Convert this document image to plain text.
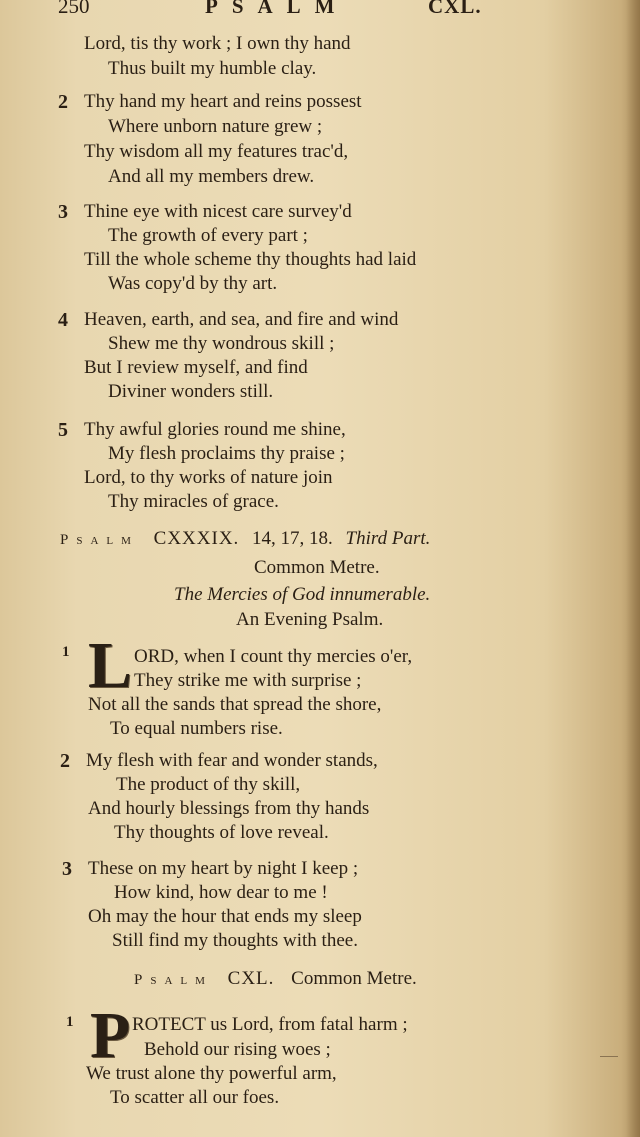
250	PSALM	CXL.
Lord, tis thy work ; I own thy hand
Thus built my humble clay.
2 Thy hand my heart and reins possest
Where unborn nature grew ;
Thy wisdom all my features trac'd,
And all my members drew.
3 Thine eye with nicest care survey'd
The growth of every part ;
Till the whole scheme thy thoughts had laid
Was copy'd by thy art.
4 Heaven, earth, and sea, and fire and wind
Shew me thy wondrous skill ;
But I review myself, and find
Diviner wonders still.
5 Thy awful glories round me shine,
My flesh proclaims thy praise ;
Lord, to thy works of nature join
Thy miracles of grace.
Psalm CXXXIX. 14, 17, 18. Third Part.
Common Metre.
The Mercies of God innumerable.
An Evening Psalm.
1 L ORD, when I count thy mercies o'er,
They strike me with surprise ;
Not all the sands that spread the shore,
To equal numbers rise.
2 My flesh with fear and wonder stands,
The product of thy skill,
And hourly blessings from thy hands
Thy thoughts of love reveal.
3 These on my heart by night I keep ;
How kind, how dear to me !
Oh may the hour that ends my sleep
Still find my thoughts with thee.
Psalm CXL. Common Metre.
1 P ROTECT us Lord, from fatal harm ;
Behold our rising woes ;
We trust alone thy powerful arm,
To scatter all our foes.
